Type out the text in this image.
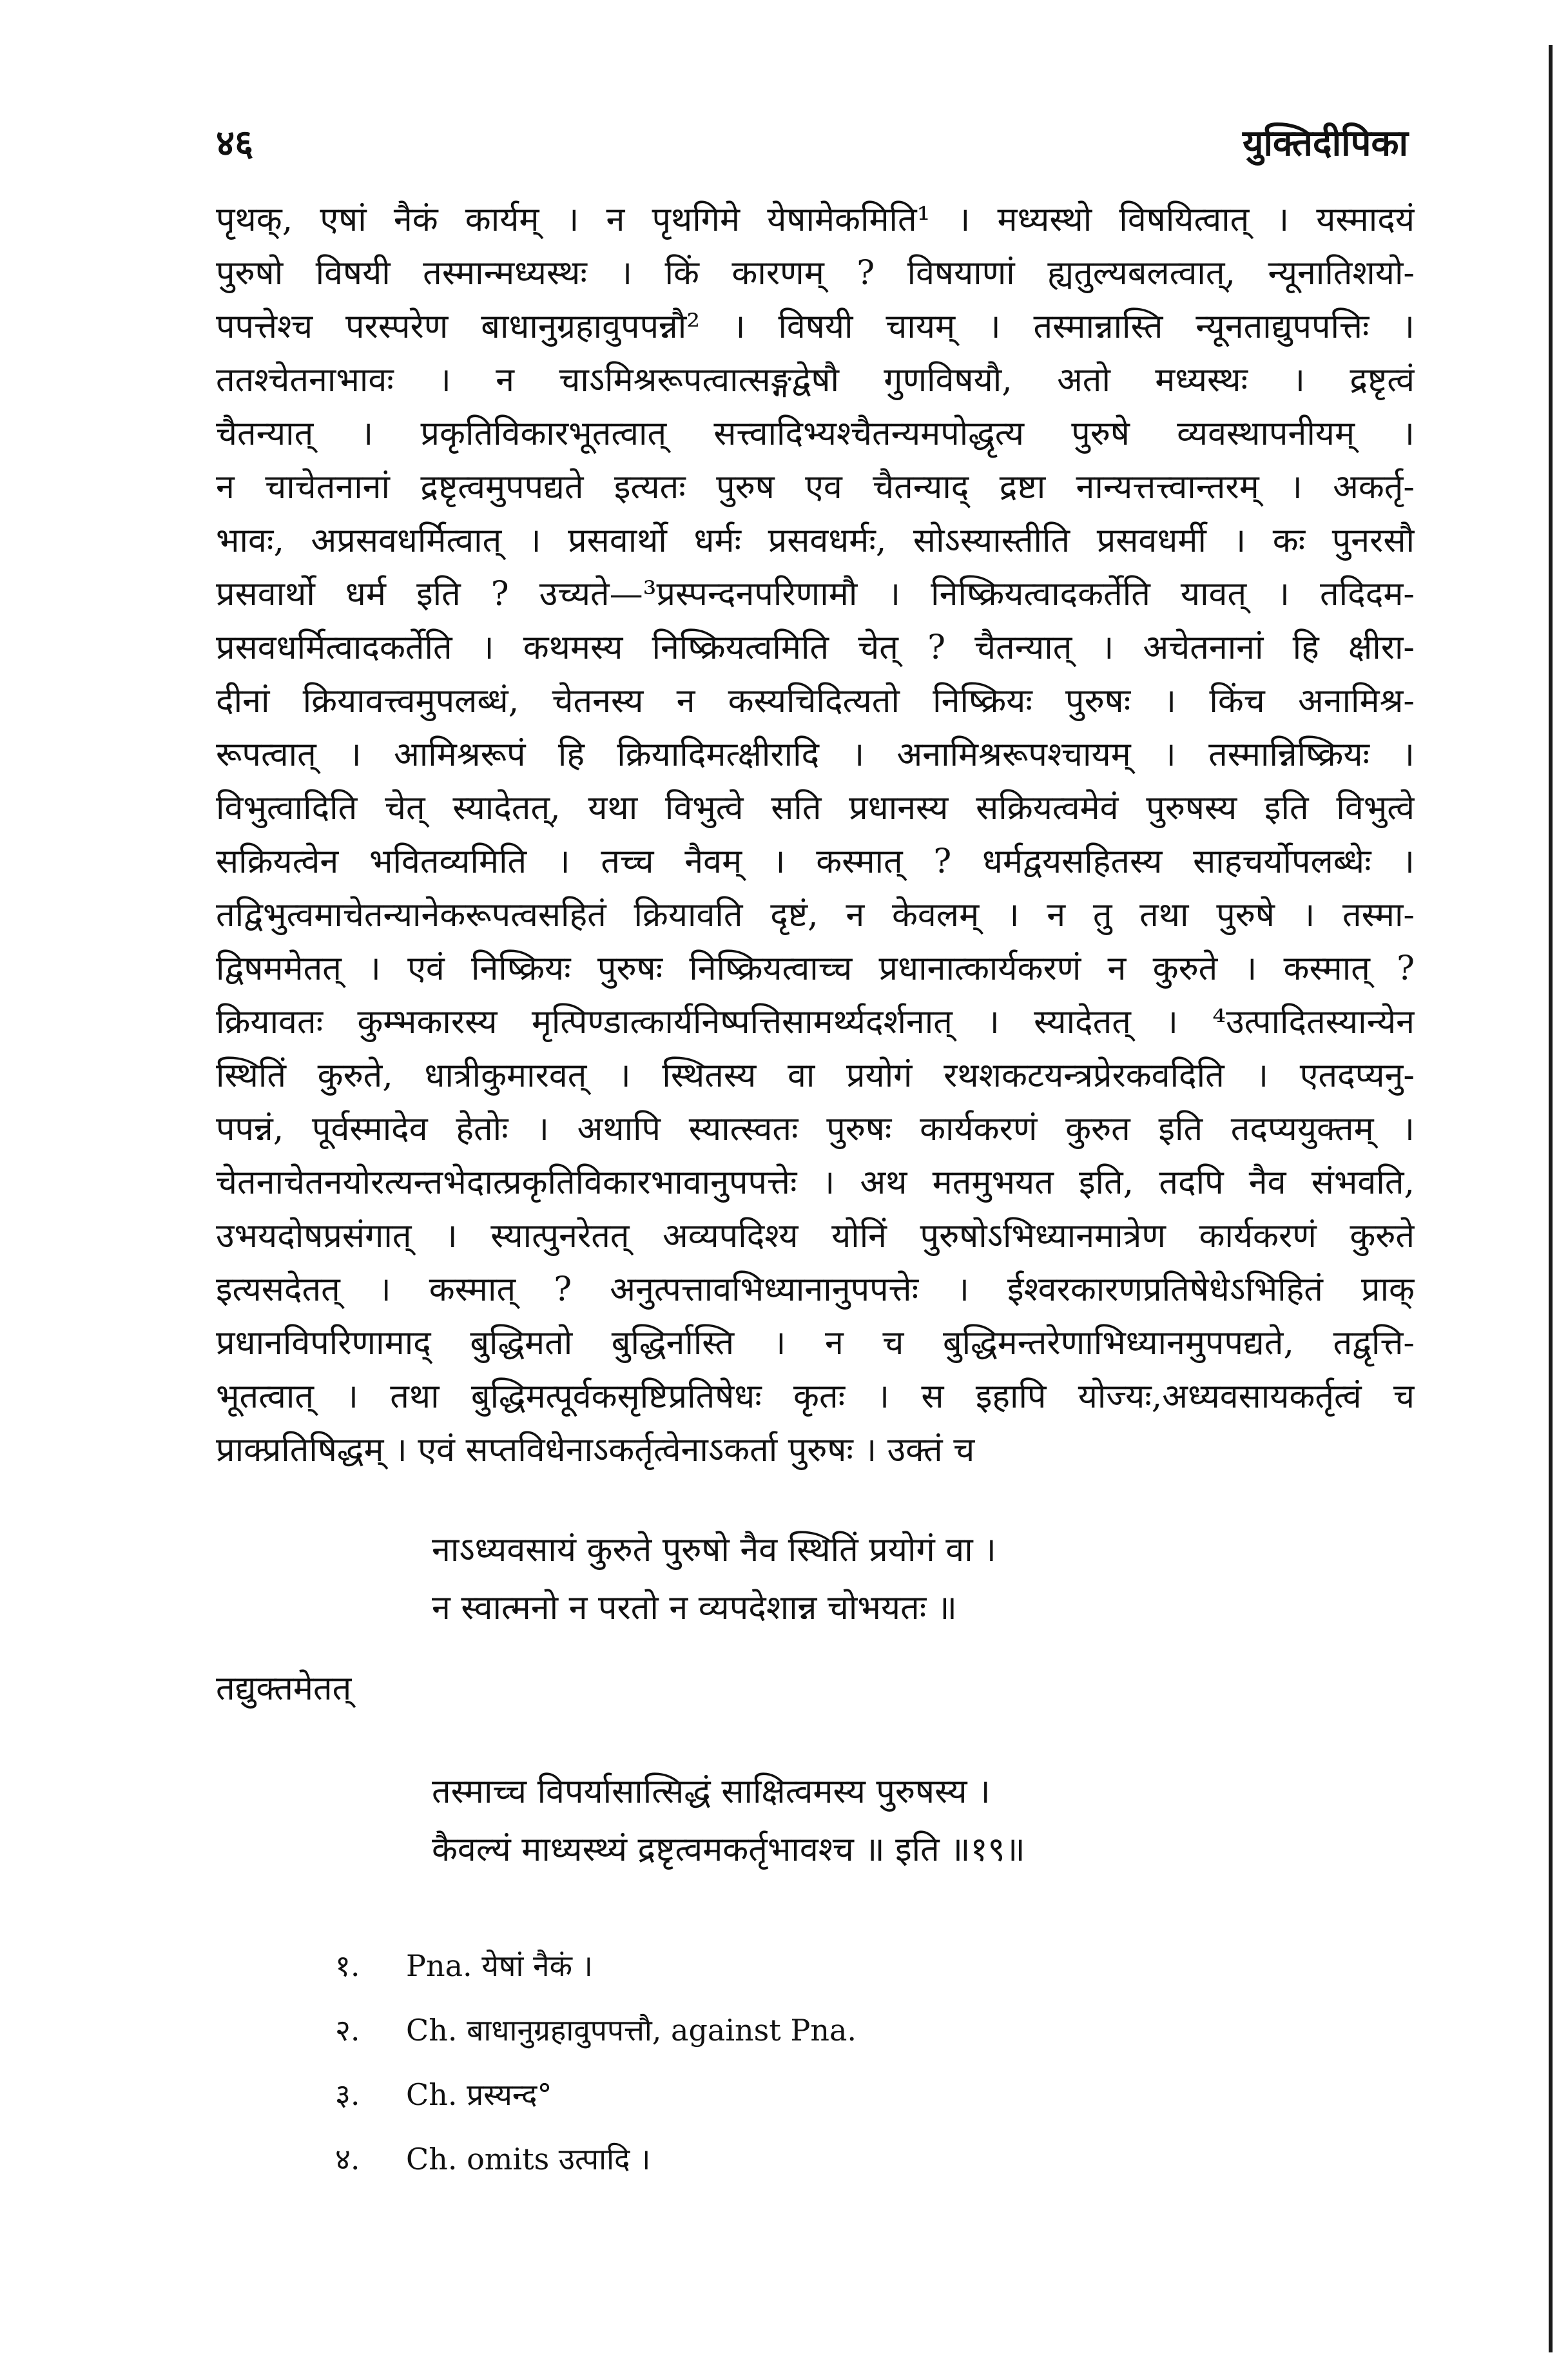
४६	युक्तिदीपिका
पृथक्, एषां नैकं कार्यम् । न पृथगिमे येषामेकमिति¹ । मध्यस्थो विषयित्वात् । यस्मादयं
पुरुषो विषयी तस्मान्मध्यस्थः । किं कारणम् ? विषयाणां ह्यतुल्यबलत्वात्, न्यूनातिशयो-
पपत्तेश्च परस्परेण बाधानुग्रहावुपपन्नौ² । विषयी चायम् । तस्मान्नास्ति न्यूनताद्युपपत्तिः ।
ततश्चेतनाभावः । न चाऽमिश्ररूपत्वात्सङ्गद्वेषौ गुणविषयौ, अतो मध्यस्थः । द्रष्टृत्वं
चैतन्यात् । प्रकृतिविकारभूतत्वात् सत्त्वादिभ्यश्चैतन्यमपोद्धृत्य पुरुषे व्यवस्थापनीयम् ।
न चाचेतनानां द्रष्टृत्वमुपपद्यते इत्यतः पुरुष एव चैतन्याद् द्रष्टा नान्यत्तत्त्वान्तरम् । अकर्तृ-
भावः, अप्रसवधर्मित्वात् । प्रसवार्थो धर्मः प्रसवधर्मः, सोऽस्यास्तीति प्रसवधर्मी । कः पुनरसौ
प्रसवार्थो धर्म इति ? उच्यते—³प्रस्पन्दनपरिणामौ । निष्क्रियत्वादकर्तेति यावत् । तदिदम-
प्रसवधर्मित्वादकर्तेति । कथमस्य निष्क्रियत्वमिति चेत् ? चैतन्यात् । अचेतनानां हि क्षीरा-
दीनां क्रियावत्त्वमुपलब्धं, चेतनस्य न कस्यचिदित्यतो निष्क्रियः पुरुषः । किंच अनामिश्र-
रूपत्वात् । आमिश्ररूपं हि क्रियादिमत्क्षीरादि । अनामिश्ररूपश्चायम् । तस्मान्निष्क्रियः ।
विभुत्वादिति चेत् स्यादेतत्, यथा विभुत्वे सति प्रधानस्य सक्रियत्वमेवं पुरुषस्य इति विभुत्वे
सक्रियत्वेन भवितव्यमिति । तच्च नैवम् । कस्मात् ? धर्मद्वयसहितस्य साहचर्योपलब्धेः ।
तद्विभुत्वमाचेतन्यानेकरूपत्वसहितं क्रियावति दृष्टं, न केवलम् । न तु तथा पुरुषे । तस्मा-
द्विषममेतत् । एवं निष्क्रियः पुरुषः निष्क्रियत्वाच्च प्रधानात्कार्यकरणं न कुरुते । कस्मात् ?
क्रियावतः कुम्भकारस्य मृत्पिण्डात्कार्यनिष्पत्तिसामर्थ्यदर्शनात् । स्यादेतत् । ⁴उत्पादितस्यान्येन
स्थितिं कुरुते, धात्रीकुमारवत् । स्थितस्य वा प्रयोगं रथशकटयन्त्रप्रेरकवदिति । एतदप्यनु-
पपन्नं, पूर्वस्मादेव हेतोः । अथापि स्यात्स्वतः पुरुषः कार्यकरणं कुरुत इति तदप्ययुक्तम् ।
चेतनाचेतनयोरत्यन्तभेदात्प्रकृतिविकारभावानुपपत्तेः । अथ मतमुभयत इति, तदपि नैव संभवति,
उभयदोषप्रसंगात् । स्यात्पुनरेतत् अव्यपदिश्य योनिं पुरुषोऽभिध्यानमात्रेण कार्यकरणं कुरुते
इत्यसदेतत् । कस्मात् ? अनुत्पत्तावभिध्यानानुपपत्तेः । ईश्वरकारणप्रतिषेधेऽभिहितं प्राक्
प्रधानविपरिणामाद् बुद्धिमतो बुद्धिर्नास्ति । न च बुद्धिमन्तरेणाभिध्यानमुपपद्यते, तद्वृत्ति-
भूतत्वात् । तथा बुद्धिमत्पूर्वकसृष्टिप्रतिषेधः कृतः । स इहापि योज्यः,अध्यवसायकर्तृत्वं च
प्राक्प्रतिषिद्धम् । एवं सप्तविधेनाऽकर्तृत्वेनाऽकर्ता पुरुषः । उक्तं च
नाऽध्यवसायं कुरुते पुरुषो नैव स्थितिं प्रयोगं वा ।
न स्वात्मनो न परतो न व्यपदेशान्न चोभयतः ॥
तद्युक्तमेतत्
तस्माच्च विपर्यासात्सिद्धं साक्षित्वमस्य पुरुषस्य ।
कैवल्यं माध्यस्थ्यं द्रष्टृत्वमकर्तृभावश्च ॥ इति ॥१९॥
१.	Pna. येषां नैकं ।
२.	Ch. बाधानुग्रहावुपपत्तौ, against Pna.
३.	Ch. प्रस्यन्द°
४.	Ch. omits उत्पादि ।
